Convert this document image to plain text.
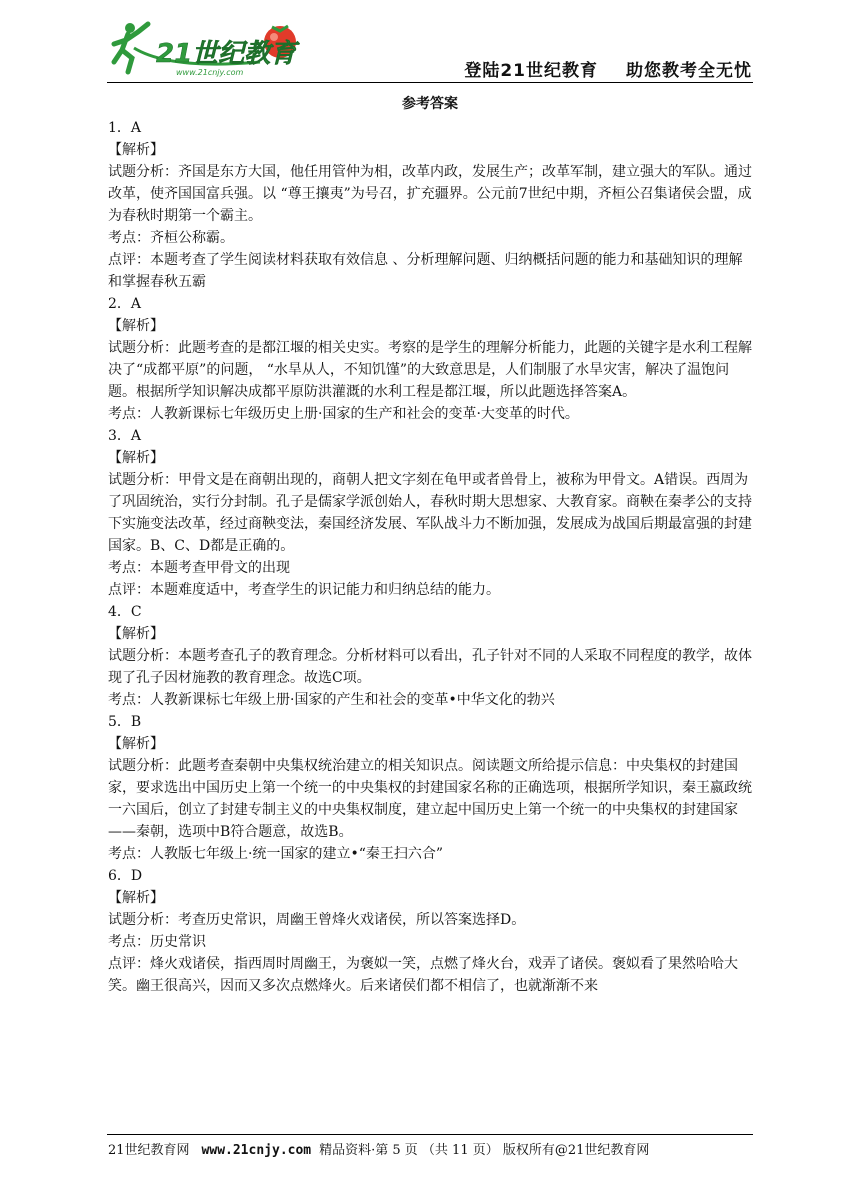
21世纪教育
www.21cnjy.com	登陆21世纪教育 助您教考全无忧
参考答案

1．A

【解析】

试题分析：齐国是东方大国，他任用管仲为相，改革内政，发展生产；改革军制，建立强大的军队。通过改革，使齐国国富兵强。以 “尊王攘夷”为号召，扩充疆界。公元前7世纪中期，齐桓公召集诸侯会盟，成为春秋时期第一个霸主。

考点：齐桓公称霸。

点评：本题考查了学生阅读材料获取有效信息 、分析理解问题、归纳概括问题的能力和基础知识的理解和掌握春秋五霸

2．A

【解析】

试题分析：此题考查的是都江堰的相关史实。考察的是学生的理解分析能力，此题的关键字是水利工程解决了“成都平原”的问题， “水旱从人，不知饥馑”的大致意思是，人们制服了水旱灾害，解决了温饱问题。根据所学知识解决成都平原防洪灌溉的水利工程是都江堰，所以此题选择答案A。

考点：人教新课标七年级历史上册·国家的生产和社会的变革·大变革的时代。

3．A

【解析】

试题分析：甲骨文是在商朝出现的，商朝人把文字刻在龟甲或者兽骨上，被称为甲骨文。A错误。西周为了巩固统治，实行分封制。孔子是儒家学派创始人，春秋时期大思想家、大教育家。商鞅在秦孝公的支持下实施变法改革，经过商鞅变法，秦国经济发展、军队战斗力不断加强，发展成为战国后期最富强的封建国家。B、C、D都是正确的。

考点：本题考查甲骨文的出现

点评：本题难度适中，考查学生的识记能力和归纳总结的能力。

4．C

【解析】

试题分析：本题考查孔子的教育理念。分析材料可以看出，孔子针对不同的人采取不同程度的教学，故体现了孔子因材施教的教育理念。故选C项。

考点：人教新课标七年级上册·国家的产生和社会的变革•中华文化的勃兴

5．B

【解析】

试题分析：此题考查秦朝中央集权统治建立的相关知识点。阅读题文所给提示信息：中央集权的封建国家，要求选出中国历史上第一个统一的中央集权的封建国家名称的正确选项，根据所学知识，秦王嬴政统一六国后，创立了封建专制主义的中央集权制度，建立起中国历史上第一个统一的中央集权的封建国家——秦朝，选项中B符合题意，故选B。

考点：人教版七年级上·统一国家的建立•“秦王扫六合”

6．D

【解析】

试题分析：考查历史常识，周幽王曾烽火戏诸侯，所以答案选择D。

考点：历史常识

点评：烽火戏诸侯，指西周时周幽王，为褒姒一笑，点燃了烽火台，戏弄了诸侯。褒姒看了果然哈哈大笑。幽王很高兴，因而又多次点燃烽火。后来诸侯们都不相信了，也就渐渐不来

21世纪教育网 www.21cnjy.com 精品资料·第 5 页 （共 11 页） 版权所有@21世纪教育网
